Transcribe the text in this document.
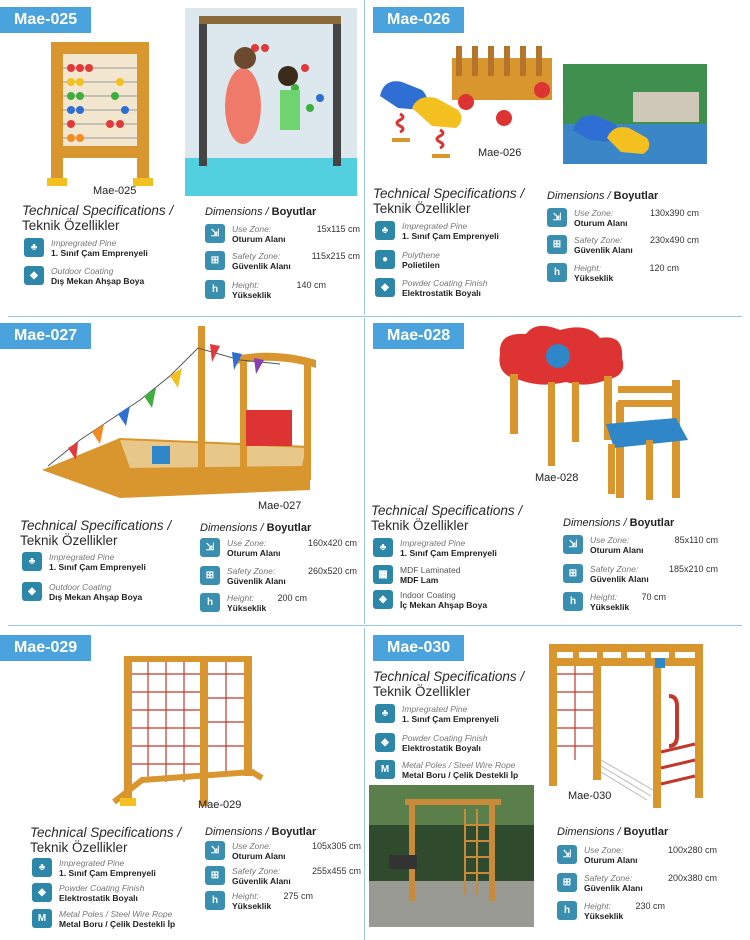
Mae-025
Mae-025
Technical Specifications /
Teknik Özellikler
♣	Impregrated Pine
1. Sınıf Çam Emprenyeli
◆	Outdoor Coating
Dış Mekan Ahşap Boya
Dimensions / Boyutlar
⇲	Use Zone:
Oturum Alanı
15x115 cm
⊞	Safety Zone:
Güvenlik Alanı
115x215 cm
h	Height:
Yükseklik
140 cm
Mae-026
Mae-026
Technical Specifications /
Teknik Özellikler
♣	Impregrated Pine
1. Sınıf Çam Emprenyeli
●	Polythene
Polietilen
◆	Powder Coating Finish
Elektrostatik Boyalı
Dimensions / Boyutlar
⇲	Use Zone:
Oturum Alanı
130x390 cm
⊞	Safety Zone:
Güvenlik Alanı
230x490 cm
h	Height:
Yükseklik
120 cm
Mae-027
Mae-027
Technical Specifications /
Teknik Özellikler
♣	Impregrated Pine
1. Sınıf Çam Emprenyeli
◆	Outdoor Coating
Dış Mekan Ahşap Boya
Dimensions / Boyutlar
⇲	Use Zone:
Oturum Alanı
160x420 cm
⊞	Safety Zone:
Güvenlik Alanı
260x520 cm
h	Height:
Yükseklik
200 cm
Mae-028
Mae-028
Technical Specifications /
Teknik Özellikler
♣	Impregrated Pine
1. Sınıf Çam Emprenyeli
▦	MDF Laminated
MDF Lam
◆	Indoor Coating
İç Mekan Ahşap Boya
Dimensions / Boyutlar
⇲	Use Zone:
Oturum Alanı
85x110 cm
⊞	Safety Zone:
Güvenlik Alanı
185x210 cm
h	Height:
Yükseklik
70 cm
Mae-029
Mae-029
Technical Specifications /
Teknik Özellikler
♣	Impregrated Pine
1. Sınıf Çam Emprenyeli
◆	Powder Coating Finish
Elektrostatik Boyalı
M	Metal Poles / Steel Wire Rope
Metal Boru / Çelik Destekli İp
Dimensions / Boyutlar
⇲	Use Zone:
Oturum Alanı
105x305 cm
⊞	Safety Zone:
Güvenlik Alanı
255x455 cm
h	Height:
Yükseklik
275 cm
Mae-030
Technical Specifications /
Teknik Özellikler
♣	Impregrated Pine
1. Sınıf Çam Emprenyeli
◆	Powder Coating Finish
Elektrostatik Boyalı
M	Metal Poles / Steel Wire Rope
Metal Boru / Çelik Destekli İp
Mae-030
Dimensions / Boyutlar
⇲	Use Zone:
Oturum Alanı
100x280 cm
⊞	Safety Zone:
Güvenlik Alanı
200x380 cm
h	Height:
Yükseklik
230 cm
